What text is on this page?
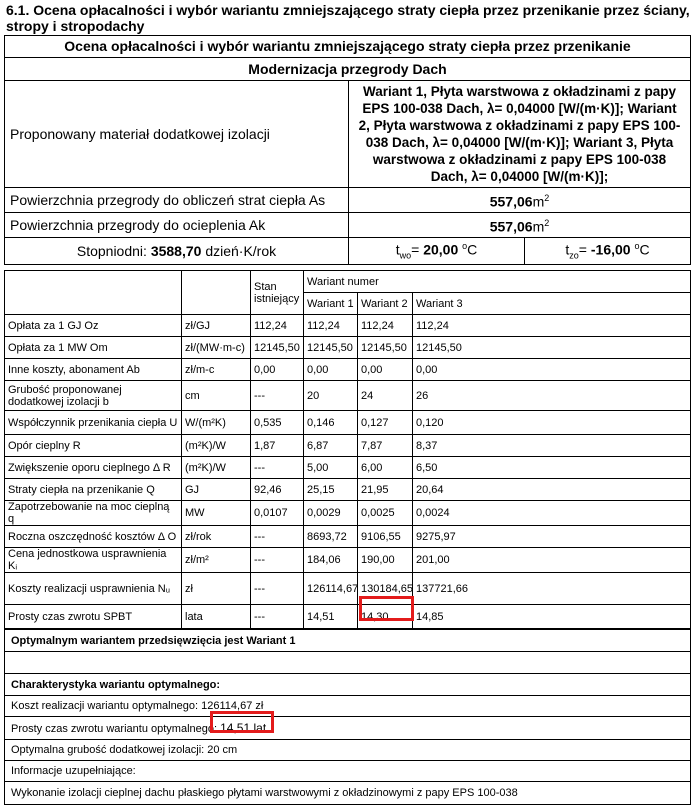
6.1. Ocena opłacalności i wybór wariantu zmniejszającego straty ciepła przez przenikanie przez ściany, stropy i stropodachy
Ocena opłacalności i wybór wariantu zmniejszającego straty ciepła przez przenikanie		
Modernizacja przegrody Dach		
Proponowany materiał dodatkowej izolacji	Wariant 1, Płyta warstwowa z okładzinami z papy EPS 100-038 Dach, λ= 0,04000 [W/(m·K)]; Wariant 2, Płyta warstwowa z okładzinami z papy EPS 100-038 Dach, λ= 0,04000 [W/(m·K)]; Wariant 3, Płyta warstwowa z okładzinami z papy EPS 100-038 Dach, λ= 0,04000 [W/(m·K)];	
Powierzchnia przegrody do obliczeń strat ciepła As	$557,06m^2$
Powierzchnia przegrody do ocieplenia Ak	$557,06m^2$
Stopniodni: 3588,70 dzień·K/rok	$t_{wo}= 20,00$ $^o$C	$t_{zo}= -16,00$ $^o$C
		Stan istniejący	Wariant numer		
			Wariant 1	Wariant 2	Wariant 3
Opłata za 1 GJ Oz	zł/GJ	112,24	112,24	112,24	112,24
Opłata za 1 MW Om	zł/(MW·m-c)	12145,50	12145,50	12145,50	12145,50
Inne koszty, abonament Ab	zł/m-c	0,00	0,00	0,00	0,00
Grubość proponowanej dodatkowej izolacji b	cm	---	20	24	26
Współczynnik przenikania ciepła U	W/(m²K)	0,535	0,146	0,127	0,120
Opór cieplny R	(m²K)/W	1,87	6,87	7,87	8,37
Zwiększenie oporu cieplnego Δ R	(m²K)/W	---	5,00	6,00	6,50
Straty ciepła na przenikanie Q	GJ	92,46	25,15	21,95	20,64
Zapotrzebowanie na moc cieplną q	MW	0,0107	0,0029	0,0025	0,0024
Roczna oszczędność kosztów Δ O	zł/rok	---	8693,72	9106,55	9275,97
Cena jednostkowa usprawnienia Kᵢ	zł/m²	---	184,06	190,00	201,00
Koszty realizacji usprawnienia Nᵤ	zł	---	126114,67	130184,65	137721,66
Prosty czas zwrotu SPBT	lata	---	14,51	14,30	14,85
Optymalnym wariantem przedsięwzięcia jest Wariant 1

Charakterystyka wariantu optymalnego:
Koszt realizacji wariantu optymalnego: 126114,67 zł
Prosty czas zwrotu wariantu optymalnego: 14,51 lat
Optymalna grubość dodatkowej izolacji: 20 cm
Informacje uzupełniające:
Wykonanie izolacji cieplnej dachu płaskiego płytami warstwowymi z okładzinowymi z papy EPS 100-038
